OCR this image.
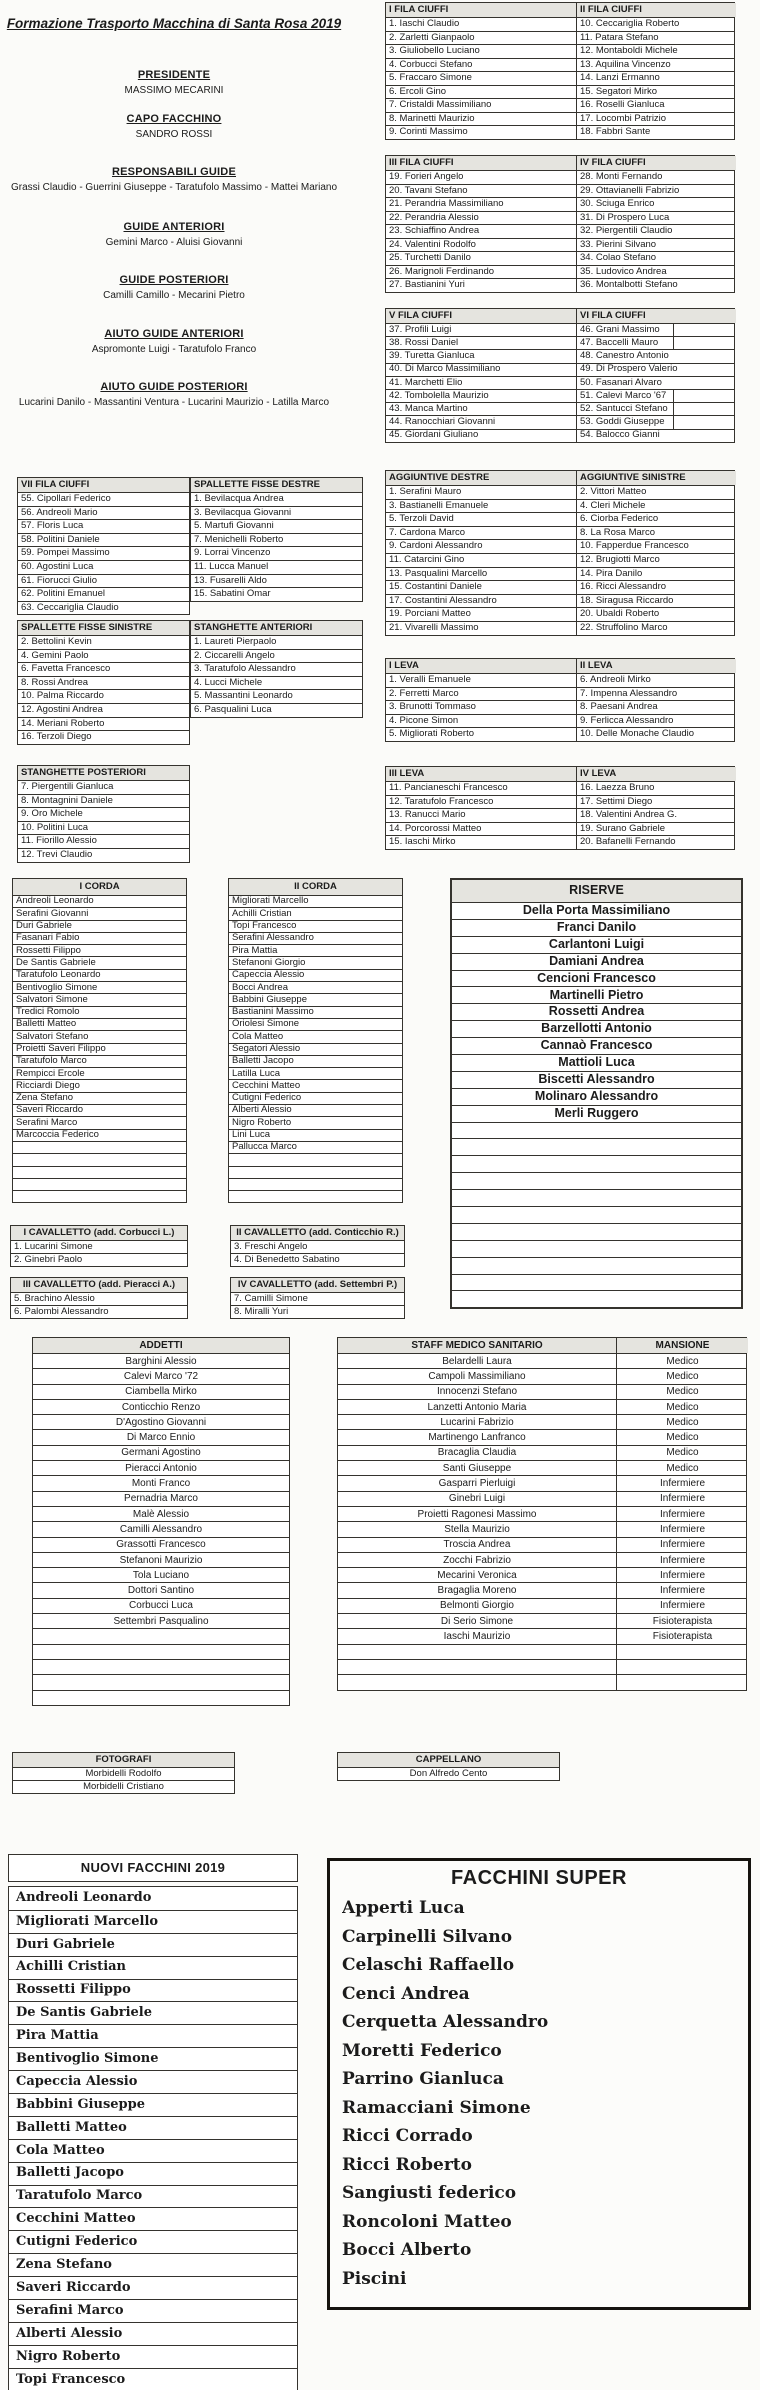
Formazione Trasporto Macchina di Santa Rosa 2019
PRESIDENTE
MASSIMO MECARINI
CAPO FACCHINO
SANDRO ROSSI
RESPONSABILI GUIDE
Grassi Claudio - Guerrini Giuseppe - Taratufolo Massimo - Mattei Mariano
GUIDE ANTERIORI
Gemini Marco - Aluisi Giovanni
GUIDE POSTERIORI
Camilli Camillo - Mecarini Pietro
AIUTO GUIDE ANTERIORI
Aspromonte Luigi - Taratufolo Franco
AIUTO GUIDE POSTERIORI
Lucarini Danilo - Massantini Ventura - Lucarini Maurizio - Latilla Marco
I FILA CIUFFI	II FILA CIUFFI
1. Iaschi Claudio	10. Ceccariglia Roberto
2. Zarletti Gianpaolo	11. Patara Stefano
3. Giuliobello Luciano	12. Montaboldi Michele
4. Corbucci Stefano	13. Aquilina Vincenzo
5. Fraccaro Simone	14. Lanzi Ermanno
6. Ercoli Gino	15. Segatori Mirko
7. Cristaldi Massimiliano	16. Roselli Gianluca
8. Marinetti Maurizio	17. Locombi Patrizio
9. Corinti Massimo	18. Fabbri Sante
III FILA CIUFFI	IV FILA CIUFFI
19. Forieri Angelo	28. Monti Fernando
20. Tavani Stefano	29. Ottavianelli Fabrizio
21. Perandria Massimiliano	30. Sciuga Enrico
22. Perandria Alessio	31. Di Prospero Luca
23. Schiaffino Andrea	32. Piergentili Claudio
24. Valentini Rodolfo	33. Pierini Silvano
25. Turchetti Danilo	34. Colao Stefano
26. Marignoli Ferdinando	35. Ludovico Andrea
27. Bastianini Yuri	36. Montalbotti Stefano
V FILA CIUFFI	VI FILA CIUFFI
37. Profili Luigi	46. Grani Massimo
38. Rossi Daniel	47. Baccelli Mauro
39. Turetta Gianluca	48. Canestro Antonio
40. Di Marco Massimiliano	49. Di Prospero Valerio
41. Marchetti Elio	50. Fasanari Alvaro
42. Tombolella Maurizio	51. Calevi Marco '67
43. Manca Martino	52. Santucci Stefano
44. Ranocchiari Giovanni	53. Goddi Giuseppe
45. Giordani Giuliano	54. Balocco Gianni
VII FILA CIUFFI
55. Cipollari Federico
56. Andreoli Mario
57. Floris Luca
58. Politini Daniele
59. Pompei Massimo
60. Agostini Luca
61. Fiorucci Giulio
62. Politini Emanuel
63. Ceccariglia Claudio
SPALLETTE FISSE DESTRE
1. Bevilacqua Andrea
3. Bevilacqua Giovanni
5. Martufi Giovanni
7. Menichelli Roberto
9. Lorrai Vincenzo
11. Lucca Manuel
13. Fusarelli Aldo
15. Sabatini Omar
SPALLETTE FISSE SINISTRE
2. Bettolini Kevin
4. Gemini Paolo
6. Favetta Francesco
8. Rossi Andrea
10. Palma Riccardo
12. Agostini Andrea
14. Meriani Roberto
16. Terzoli Diego
STANGHETTE ANTERIORI
1. Laureti Pierpaolo
2. Ciccarelli Angelo
3. Taratufolo Alessandro
4. Lucci Michele
5. Massantini Leonardo
6. Pasqualini Luca
STANGHETTE POSTERIORI
7. Piergentili Gianluca
8. Montagnini Daniele
9. Oro Michele
10. Politini Luca
11. Fiorillo Alessio
12. Trevi Claudio
AGGIUNTIVE DESTRE	AGGIUNTIVE SINISTRE
1. Serafini Mauro	2. Vittori Matteo
3. Bastianelli Emanuele	4. Cleri Michele
5. Terzoli David	6. Ciorba Federico
7. Cardona Marco	8. La Rosa Marco
9. Cardoni Alessandro	10. Fapperdue Francesco
11. Catarcini Gino	12. Brugiotti Marco
13. Pasqualini Marcello	14. Pira Danilo
15. Costantini Daniele	16. Ricci Alessandro
17. Costantini Alessandro	18. Siragusa Riccardo
19. Porciani Matteo	20. Ubaldi Roberto
21. Vivarelli Massimo	22. Struffolino Marco
I LEVA	II LEVA
1. Veralli Emanuele	6. Andreoli Mirko
2. Ferretti Marco	7. Impenna Alessandro
3. Brunotti Tommaso	8. Paesani Andrea
4. Picone Simon	9. Ferlicca Alessandro
5. Migliorati Roberto	10. Delle Monache Claudio
III LEVA	IV LEVA
11. Pancianeschi Francesco	16. Laezza Bruno
12. Taratufolo Francesco	17. Settimi Diego
13. Ranucci Mario	18. Valentini Andrea G.
14. Porcorossi Matteo	19. Surano Gabriele
15. Iaschi Mirko	20. Bafanelli Fernando
I CORDA
Andreoli Leonardo
Serafini Giovanni
Duri Gabriele
Fasanari Fabio
Rossetti Filippo
De Santis Gabriele
Taratufolo Leonardo
Bentivoglio Simone
Salvatori Simone
Tredici Romolo
Balletti Matteo
Salvatori Stefano
Proietti Saveri Filippo
Taratufolo Marco
Rempicci Ercole
Ricciardi Diego
Zena Stefano
Saveri Riccardo
Serafini Marco
Marcoccia Federico
II CORDA
Migliorati Marcello
Achilli Cristian
Topi Francesco
Serafini Alessandro
Pira Mattia
Stefanoni Giorgio
Capeccia Alessio
Bocci Andrea
Babbini Giuseppe
Bastianini Massimo
Oriolesi Simone
Cola Matteo
Segatori Alessio
Balletti Jacopo
Latilla Luca
Cecchini Matteo
Cutigni Federico
Alberti Alessio
Nigro Roberto
Lini Luca
Pallucca Marco
RISERVE
Della Porta Massimiliano
Franci Danilo
Carlantoni Luigi
Damiani Andrea
Cencioni Francesco
Martinelli Pietro
Rossetti Andrea
Barzellotti Antonio
Cannaò Francesco
Mattioli Luca
Biscetti Alessandro
Molinaro Alessandro
Merli Ruggero
I CAVALLETTO (add. Corbucci L.)
1. Lucarini Simone
2. Ginebri Paolo
II CAVALLETTO (add. Conticchio R.)
3. Freschi Angelo
4. Di Benedetto Sabatino
III CAVALLETTO (add. Pieracci A.)
5. Brachino Alessio
6. Palombi Alessandro
IV CAVALLETTO (add. Settembri P.)
7. Camilli Simone
8. Miralli Yuri
ADDETTI
Barghini Alessio
Calevi Marco '72
Ciambella Mirko
Conticchio Renzo
D'Agostino Giovanni
Di Marco Ennio
Germani Agostino
Pieracci Antonio
Monti Franco
Pernadria Marco
Malè Alessio
Camilli Alessandro
Grassotti Francesco
Stefanoni Maurizio
Tola Luciano
Dottori Santino
Corbucci Luca
Settembri Pasqualino
STAFF MEDICO SANITARIO	MANSIONE
Belardelli Laura	Medico
Campoli Massimiliano	Medico
Innocenzi Stefano	Medico
Lanzetti Antonio Maria	Medico
Lucarini Fabrizio	Medico
Martinengo Lanfranco	Medico
Bracaglia Claudia	Medico
Santi Giuseppe	Medico
Gasparri Pierluigi	Infermiere
Ginebri Luigi	Infermiere
Proietti Ragonesi Massimo	Infermiere
Stella Maurizio	Infermiere
Troscia Andrea	Infermiere
Zocchi Fabrizio	Infermiere
Mecarini Veronica	Infermiere
Bragaglia Moreno	Infermiere
Belmonti Giorgio	Infermiere
Di Serio Simone	Fisioterapista
Iaschi Maurizio	Fisioterapista
FOTOGRAFI
Morbidelli Rodolfo
Morbidelli Cristiano
CAPPELLANO
Don Alfredo Cento
NUOVI FACCHINI 2019
Andreoli Leonardo
Migliorati Marcello
Duri Gabriele
Achilli Cristian
Rossetti Filippo
De Santis Gabriele
Pira Mattia
Bentivoglio Simone
Capeccia Alessio
Babbini Giuseppe
Balletti Matteo
Cola Matteo
Balletti Jacopo
Taratufolo Marco
Cecchini Matteo
Cutigni Federico
Zena Stefano
Saveri Riccardo
Serafini Marco
Alberti Alessio
Nigro Roberto
Topi Francesco
FACCHINI SUPER
Apperti Luca
Carpinelli Silvano
Celaschi Raffaello
Cenci Andrea
Cerquetta Alessandro
Moretti Federico
Parrino Gianluca
Ramacciani Simone
Ricci Corrado
Ricci Roberto
Sangiusti federico
Roncoloni Matteo
Bocci Alberto
Piscini
